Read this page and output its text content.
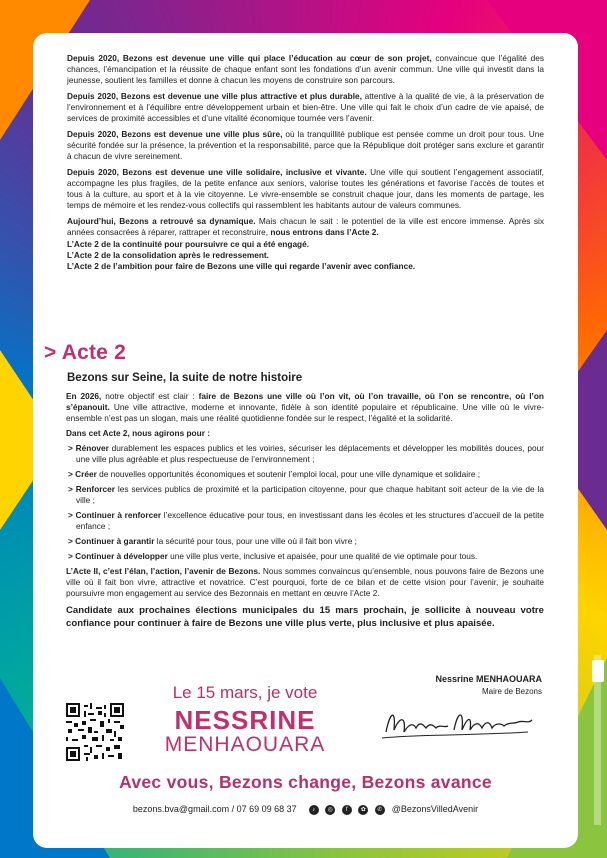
Depuis 2020, Bezons est devenue une ville qui place l’éducation au cœur de son projet, convaincue que l’égalité des chances, l’émancipation et la réussite de chaque enfant sont les fondations d’un avenir commun. Une ville qui investit dans la jeunesse, soutient les familles et donne à chacun les moyens de construire son parcours.

Depuis 2020, Bezons est devenue une ville plus attractive et plus durable, attentive à la qualité de vie, à la préservation de l’environnement et à l’équilibre entre développement urbain et bien-être. Une ville qui fait le choix d’un cadre de vie apaisé, de services de proximité accessibles et d’une vitalité économique tournée vers l’avenir.

Depuis 2020, Bezons est devenue une ville plus sûre, où la tranquillité publique est pensée comme un droit pour tous. Une sécurité fondée sur la présence, la prévention et la responsabilité, parce que la République doit protéger sans exclure et garantir à chacun de vivre sereinement.

Depuis 2020, Bezons est devenue une ville solidaire, inclusive et vivante. Une ville qui soutient l’engagement associatif, accompagne les plus fragiles, de la petite enfance aux seniors, valorise toutes les générations et favorise l’accès de toutes et tous à la culture, au sport et à la vie citoyenne. Le vivre-ensemble se construit chaque jour, dans les moments de partage, les temps de mémoire et les rendez-vous collectifs qui rassemblent les habitants autour de valeurs communes.

Aujourd’hui, Bezons a retrouvé sa dynamique. Mais chacun le sait : le potentiel de la ville est encore immense. Après six années consacrées à réparer, rattraper et reconstruire, nous entrons dans l’Acte 2.

L’Acte 2 de la continuité pour poursuivre ce qui a été engagé.

L’Acte 2 de la consolidation après le redressement.

L’Acte 2 de l’ambition pour faire de Bezons une ville qui regarde l’avenir avec confiance.

> Acte 2
Bezons sur Seine, la suite de notre histoire

En 2026, notre objectif est clair : faire de Bezons une ville où l’on vit, où l’on travaille, où l’on se rencontre, où l’on s’épanouit. Une ville attractive, moderne et innovante, fidèle à son identité populaire et républicaine. Une ville où le vivre-ensemble n’est pas un slogan, mais une réalité quotidienne fondée sur le respect, l’égalité et la solidarité.

Dans cet Acte 2, nous agirons pour :

> Rénover durablement les espaces publics et les voiries, sécuriser les déplacements et développer les mobilités douces, pour une ville plus agréable et plus respectueuse de l’environnement ;

> Créer de nouvelles opportunités économiques et soutenir l’emploi local, pour une ville dynamique et solidaire ;

> Renforcer les services publics de proximité et la participation citoyenne, pour que chaque habitant soit acteur de la vie de la ville ;

> Continuer à renforcer l’excellence éducative pour tous, en investissant dans les écoles et les structures d’accueil de la petite enfance ;

> Continuer à garantir la sécurité pour tous, pour une ville où il fait bon vivre ;

> Continuer à développer une ville plus verte, inclusive et apaisée, pour une qualité de vie optimale pour tous.

L’Acte II, c’est l’élan, l’action, l’avenir de Bezons. Nous sommes convaincus qu’ensemble, nous pouvons faire de Bezons une ville où il fait bon vivre, attractive et novatrice. C’est pourquoi, forte de ce bilan et de cette vision pour l’avenir, je souhaite poursuivre mon engagement au service des Bezonnais en mettant en œuvre l’Acte 2.

Candidate aux prochaines élections municipales du 15 mars prochain, je sollicite à nouveau votre confiance pour continuer à faire de Bezons une ville plus verte, plus inclusive et plus apaisée.

Le 15 mars, je vote
NESSRINE
MENHAOUARA
Nessrine MENHAOUARA
Maire de Bezons
Avec vous, Bezons change, Bezons avance
bezons.bva@gmail.com / 07 69 09 68 37	♪ ◎ f ✿ ✆ @BezonsVilledAvenir
